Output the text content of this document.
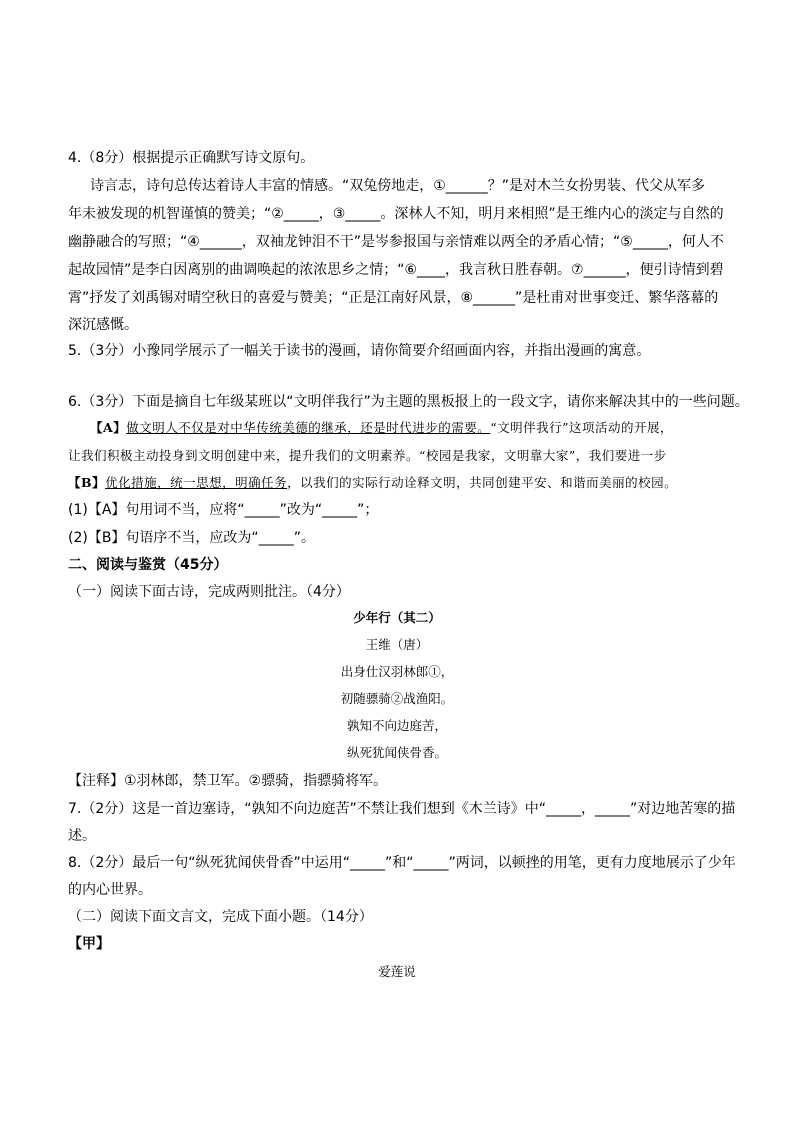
4.（8分）根据提示正确默写诗文原句。
诗言志，诗句总传达着诗人丰富的情感。“双兔傍地走，①______？”是对木兰女扮男装、代父从军多
年未被发现的机智谨慎的赞美；“②_____，③_____。深林人不知，明月来相照”是王维内心的淡定与自然的
幽静融合的写照；“④______，双袖龙钟泪不干”是岑参报国与亲情难以两全的矛盾心情；“⑤_____，何人不
起故园情”是李白因离别的曲调唤起的浓浓思乡之情；“⑥____，我言秋日胜春朝。⑦______，便引诗情到碧
霄”抒发了刘禹锡对晴空秋日的喜爱与赞美；“正是江南好风景，⑧______”是杜甫对世事变迁、繁华落幕的
深沉感慨。
5.（3分）小豫同学展示了一幅关于读书的漫画，请你简要介绍画面内容，并指出漫画的寓意。
6.（3分）下面是摘自七年级某班以“文明伴我行”为主题的黑板报上的一段文字，请你来解决其中的一些问题。
【A】做文明人不仅是对中华传统美德的继承，还是时代进步的需要。“文明伴我行”这项活动的开展，
让我们积极主动投身到文明创建中来，提升我们的文明素养。“校园是我家，文明靠大家”，我们要进一步
【B】优化措施，统一思想，明确任务，以我们的实际行动诠释文明，共同创建平安、和谐而美丽的校园。
(1)【A】句用词不当，应将“_____”改为“_____”；
(2)【B】句语序不当，应改为“_____”。
二、阅读与鉴赏（45分）
（一）阅读下面古诗，完成两则批注。（4分）
少年行（其二）
王维（唐）
出身仕汉羽林郎①，
初随骠骑②战渔阳。
孰知不向边庭苦，
纵死犹闻侠骨香。
【注释】①羽林郎，禁卫军。②骠骑，指骠骑将军。
7.（2分）这是一首边塞诗，“孰知不向边庭苦”不禁让我们想到《木兰诗》中“_____，_____”对边地苦寒的描
述。
8.（2分）最后一句“纵死犹闻侠骨香”中运用“_____”和“_____”两词，以顿挫的用笔，更有力度地展示了少年
的内心世界。
（二）阅读下面文言文，完成下面小题。（14分）
【甲】
爱莲说
